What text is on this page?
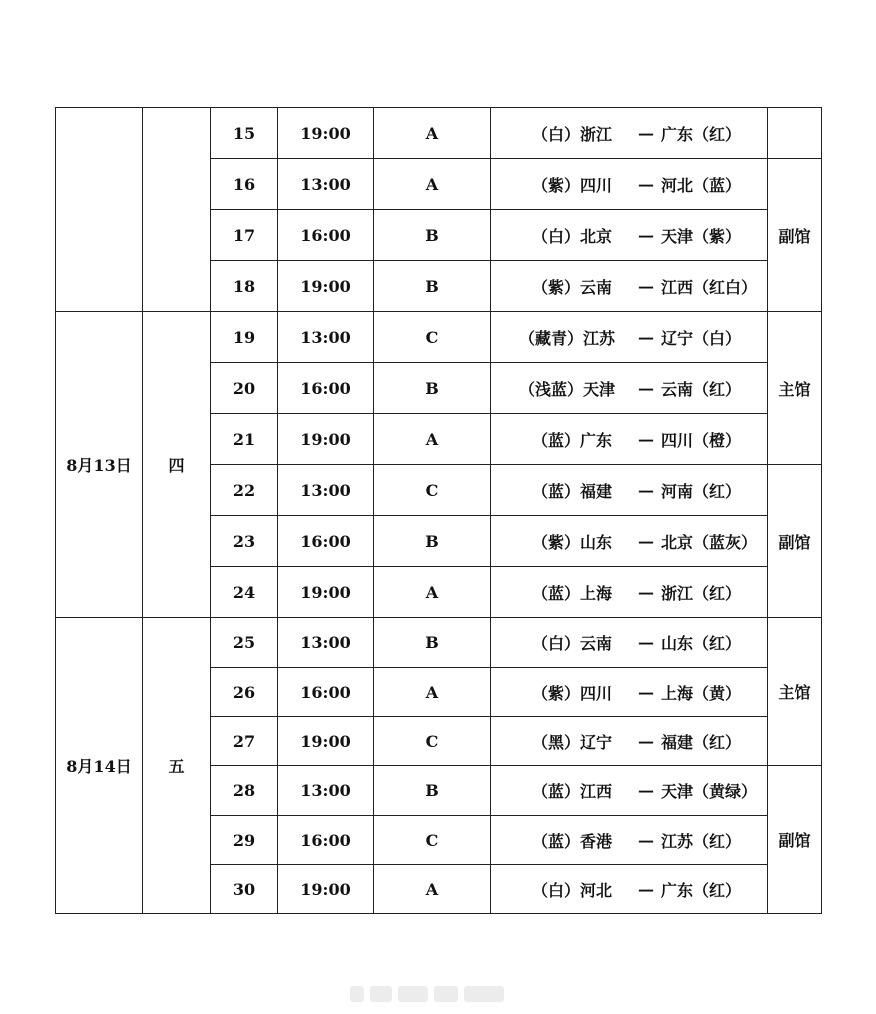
		15	19:00	A	（白）浙江 — 广东（红）	

		16	13:00	A	（紫）四川 — 河北（蓝）	副馆
		17	16:00	B	（白）北京 — 天津（紫）	

		18	19:00	B	（紫）云南 — 江西（红白）	

8月13日	四	19	13:00	C	（藏青）江苏 — 辽宁（白）	主馆
		20	16:00	B	（浅蓝）天津 — 云南（红）	

		21	19:00	A	（蓝）广东 — 四川（橙）	

		22	13:00	C	（蓝）福建 — 河南（红）	副馆
		23	16:00	B	（紫）山东 — 北京（蓝灰）	

		24	19:00	A	（蓝）上海 — 浙江（红）	

8月14日	五	25	13:00	B	（白）云南 — 山东（红）	主馆
		26	16:00	A	（紫）四川 — 上海（黄）	

		27	19:00	C	（黑）辽宁 — 福建（红）	

		28	13:00	B	（蓝）江西 — 天津（黄绿）	副馆
		29	16:00	C	（蓝）香港 — 江苏（红）	

		30	19:00	A	（白）河北 — 广东（红）	
